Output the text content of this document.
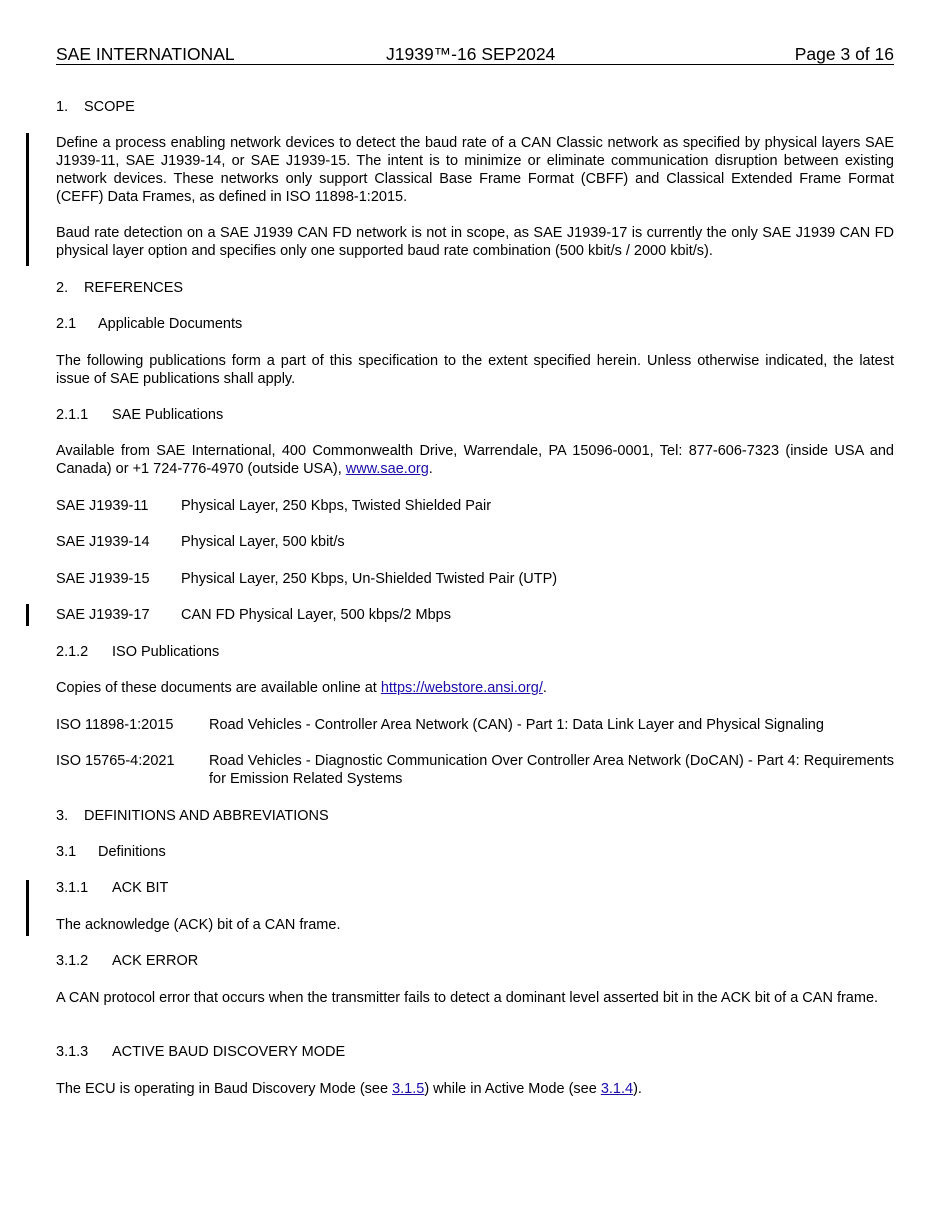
SAE INTERNATIONAL	J1939™-16 SEP2024	Page 3 of 16
1. SCOPE
Define a process enabling network devices to detect the baud rate of a CAN Classic network as specified by physical layers SAE J1939-11, SAE J1939-14, or SAE J1939-15. The intent is to minimize or eliminate communication disruption between existing network devices. These networks only support Classical Base Frame Format (CBFF) and Classical Extended Frame Format (CEFF) Data Frames, as defined in ISO 11898-1:2015.
Baud rate detection on a SAE J1939 CAN FD network is not in scope, as SAE J1939-17 is currently the only SAE J1939 CAN FD physical layer option and specifies only one supported baud rate combination (500 kbit/s / 2000 kbit/s).
2. REFERENCES
2.1 Applicable Documents
The following publications form a part of this specification to the extent specified herein. Unless otherwise indicated, the latest issue of SAE publications shall apply.
2.1.1 SAE Publications
Available from SAE International, 400 Commonwealth Drive, Warrendale, PA 15096-0001, Tel: 877-606-7323 (inside USA and Canada) or +1 724-776-4970 (outside USA), www.sae.org.
SAE J1939-11 Physical Layer, 250 Kbps, Twisted Shielded Pair
SAE J1939-14 Physical Layer, 500 kbit/s
SAE J1939-15 Physical Layer, 250 Kbps, Un-Shielded Twisted Pair (UTP)
SAE J1939-17 CAN FD Physical Layer, 500 kbps/2 Mbps
2.1.2 ISO Publications
Copies of these documents are available online at https://webstore.ansi.org/.
ISO 11898-1:2015 Road Vehicles - Controller Area Network (CAN) - Part 1: Data Link Layer and Physical Signaling
ISO 15765-4:2021 Road Vehicles - Diagnostic Communication Over Controller Area Network (DoCAN) - Part 4: Requirements for Emission Related Systems
3. DEFINITIONS AND ABBREVIATIONS
3.1 Definitions
3.1.1 ACK BIT
The acknowledge (ACK) bit of a CAN frame.
3.1.2 ACK ERROR
A CAN protocol error that occurs when the transmitter fails to detect a dominant level asserted bit in the ACK bit of a CAN frame.
3.1.3 ACTIVE BAUD DISCOVERY MODE
The ECU is operating in Baud Discovery Mode (see 3.1.5) while in Active Mode (see 3.1.4).
